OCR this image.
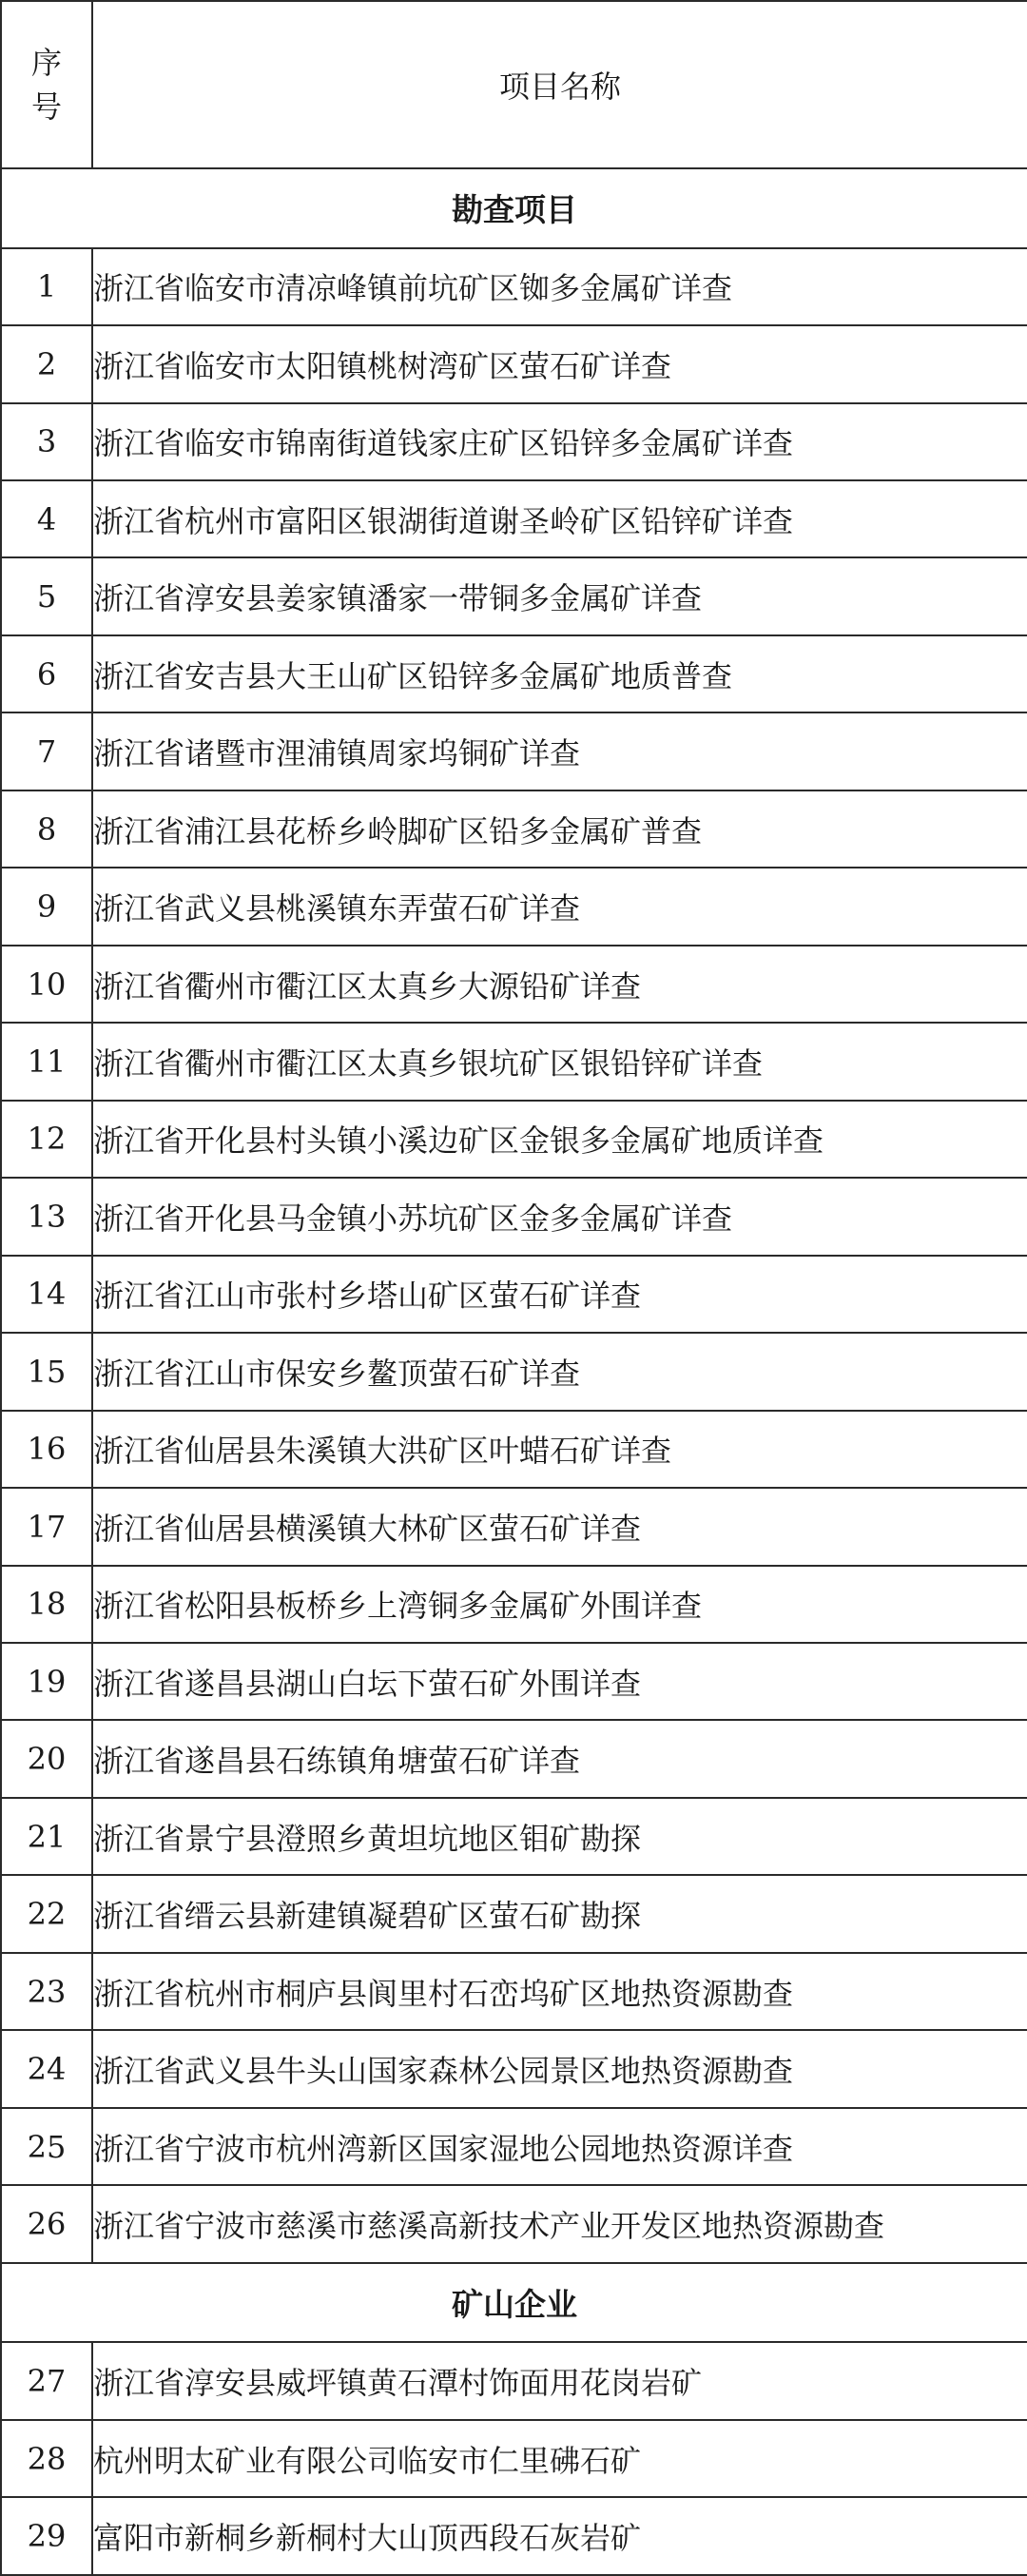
序
号	项目名称
勘查项目	
1	浙江省临安市清凉峰镇前坑矿区铷多金属矿详查
2	浙江省临安市太阳镇桃树湾矿区萤石矿详查
3	浙江省临安市锦南街道钱家庄矿区铅锌多金属矿详查
4	浙江省杭州市富阳区银湖街道谢圣岭矿区铅锌矿详查
5	浙江省淳安县姜家镇潘家一带铜多金属矿详查
6	浙江省安吉县大王山矿区铅锌多金属矿地质普查
7	浙江省诸暨市浬浦镇周家坞铜矿详查
8	浙江省浦江县花桥乡岭脚矿区铅多金属矿普查
9	浙江省武义县桃溪镇东弄萤石矿详查
10	浙江省衢州市衢江区太真乡大源铅矿详查
11	浙江省衢州市衢江区太真乡银坑矿区银铅锌矿详查
12	浙江省开化县村头镇小溪边矿区金银多金属矿地质详查
13	浙江省开化县马金镇小苏坑矿区金多金属矿详查
14	浙江省江山市张村乡塔山矿区萤石矿详查
15	浙江省江山市保安乡鳌顶萤石矿详查
16	浙江省仙居县朱溪镇大洪矿区叶蜡石矿详查
17	浙江省仙居县横溪镇大林矿区萤石矿详查
18	浙江省松阳县板桥乡上湾铜多金属矿外围详查
19	浙江省遂昌县湖山白坛下萤石矿外围详查
20	浙江省遂昌县石练镇角塘萤石矿详查
21	浙江省景宁县澄照乡黄坦坑地区钼矿勘探
22	浙江省缙云县新建镇凝碧矿区萤石矿勘探
23	浙江省杭州市桐庐县阆里村石峦坞矿区地热资源勘查
24	浙江省武义县牛头山国家森林公园景区地热资源勘查
25	浙江省宁波市杭州湾新区国家湿地公园地热资源详查
26	浙江省宁波市慈溪市慈溪高新技术产业开发区地热资源勘查
矿山企业	
27	浙江省淳安县威坪镇黄石潭村饰面用花岗岩矿
28	杭州明太矿业有限公司临安市仁里砩石矿
29	富阳市新桐乡新桐村大山顶西段石灰岩矿
